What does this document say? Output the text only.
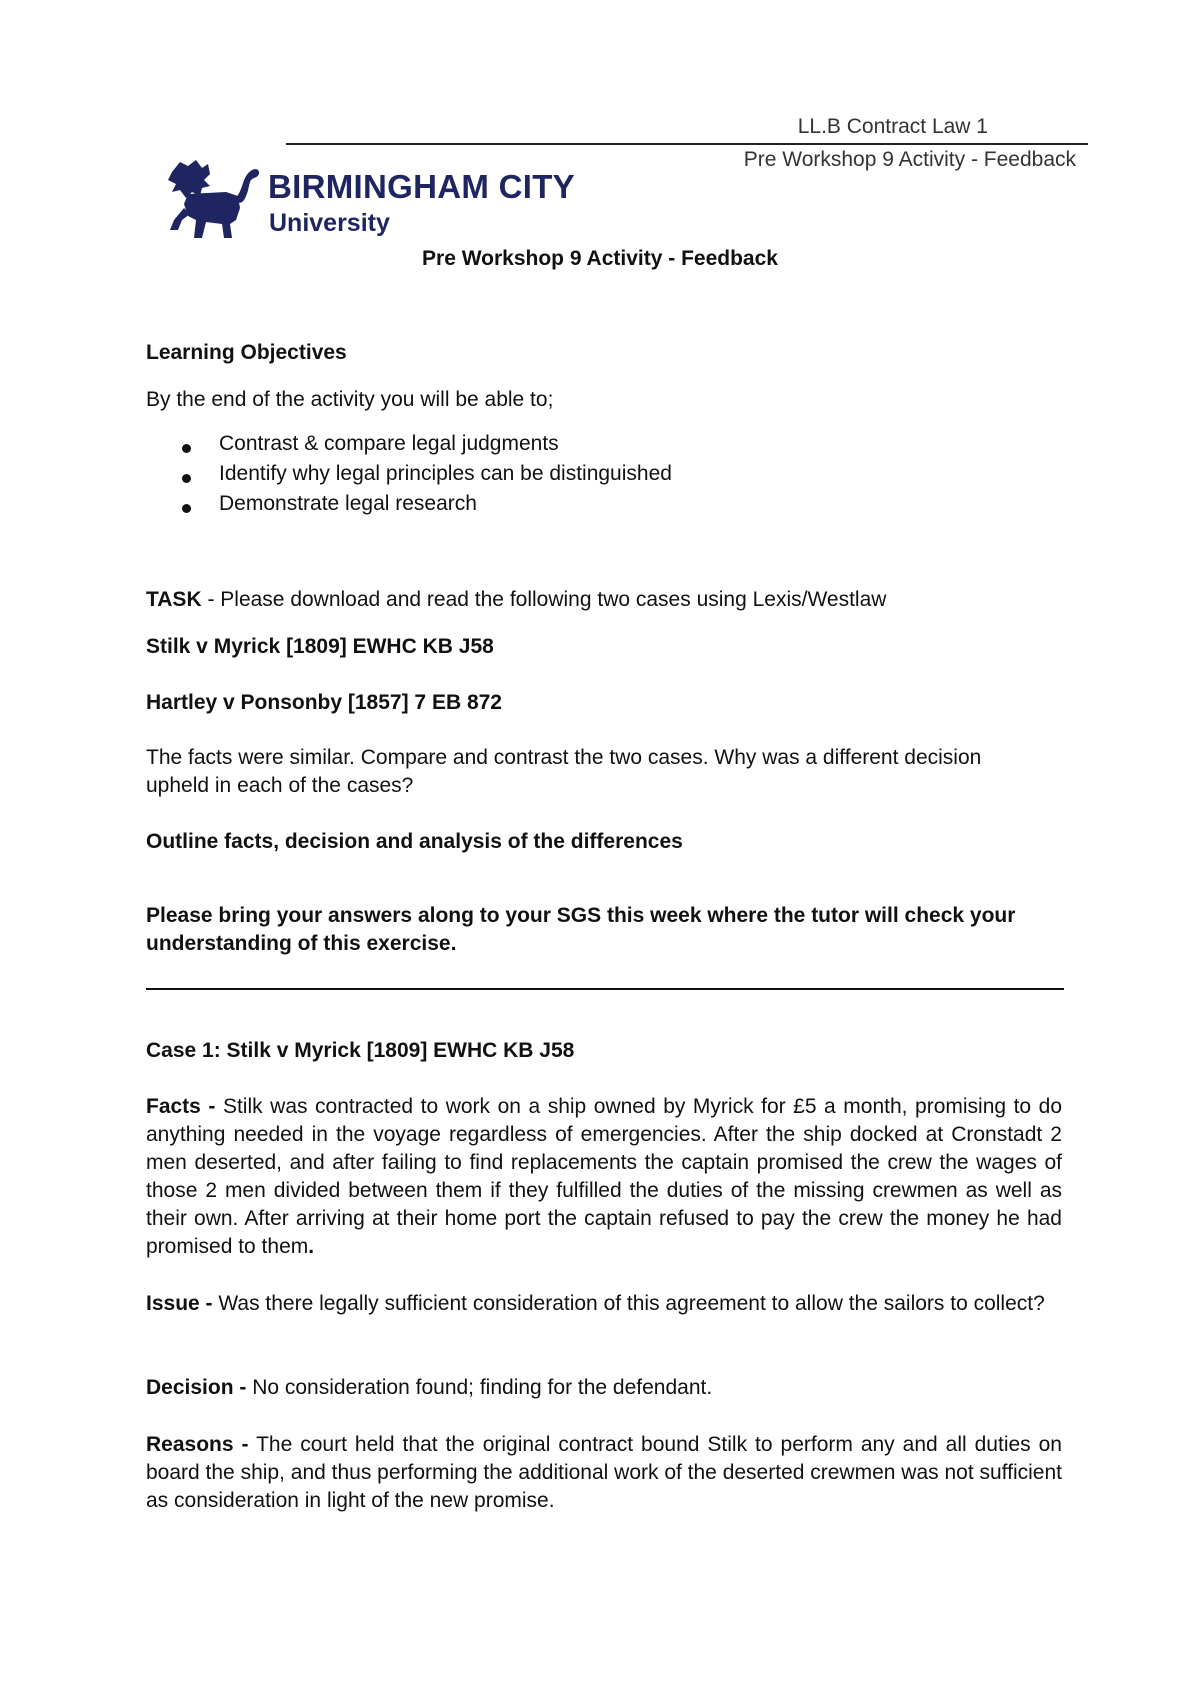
LL.B Contract Law 1
Pre Workshop 9 Activity - Feedback
BIRMINGHAM CITY
University
Pre Workshop 9 Activity - Feedback
Learning Objectives
By the end of the activity you will be able to;
Contrast & compare legal judgments
Identify why legal principles can be distinguished
Demonstrate legal research
TASK - Please download and read the following two cases using Lexis/Westlaw
Stilk v Myrick [1809] EWHC KB J58
Hartley v Ponsonby [1857] 7 EB 872
The facts were similar. Compare and contrast the two cases. Why was a different decision upheld in each of the cases?
Outline facts, decision and analysis of the differences
Please bring your answers along to your SGS this week where the tutor will check your understanding of this exercise.
Case 1: Stilk v Myrick [1809] EWHC KB J58
Facts - Stilk was contracted to work on a ship owned by Myrick for £5 a month, promising to do anything needed in the voyage regardless of emergencies. After the ship docked at Cronstadt 2 men deserted, and after failing to find replacements the captain promised the crew the wages of those 2 men divided between them if they fulfilled the duties of the missing crewmen as well as their own. After arriving at their home port the captain refused to pay the crew the money he had promised to them.
Issue - Was there legally sufficient consideration of this agreement to allow the sailors to collect?
Decision - No consideration found; finding for the defendant.
Reasons - The court held that the original contract bound Stilk to perform any and all duties on board the ship, and thus performing the additional work of the deserted crewmen was not sufficient as consideration in light of the new promise.
